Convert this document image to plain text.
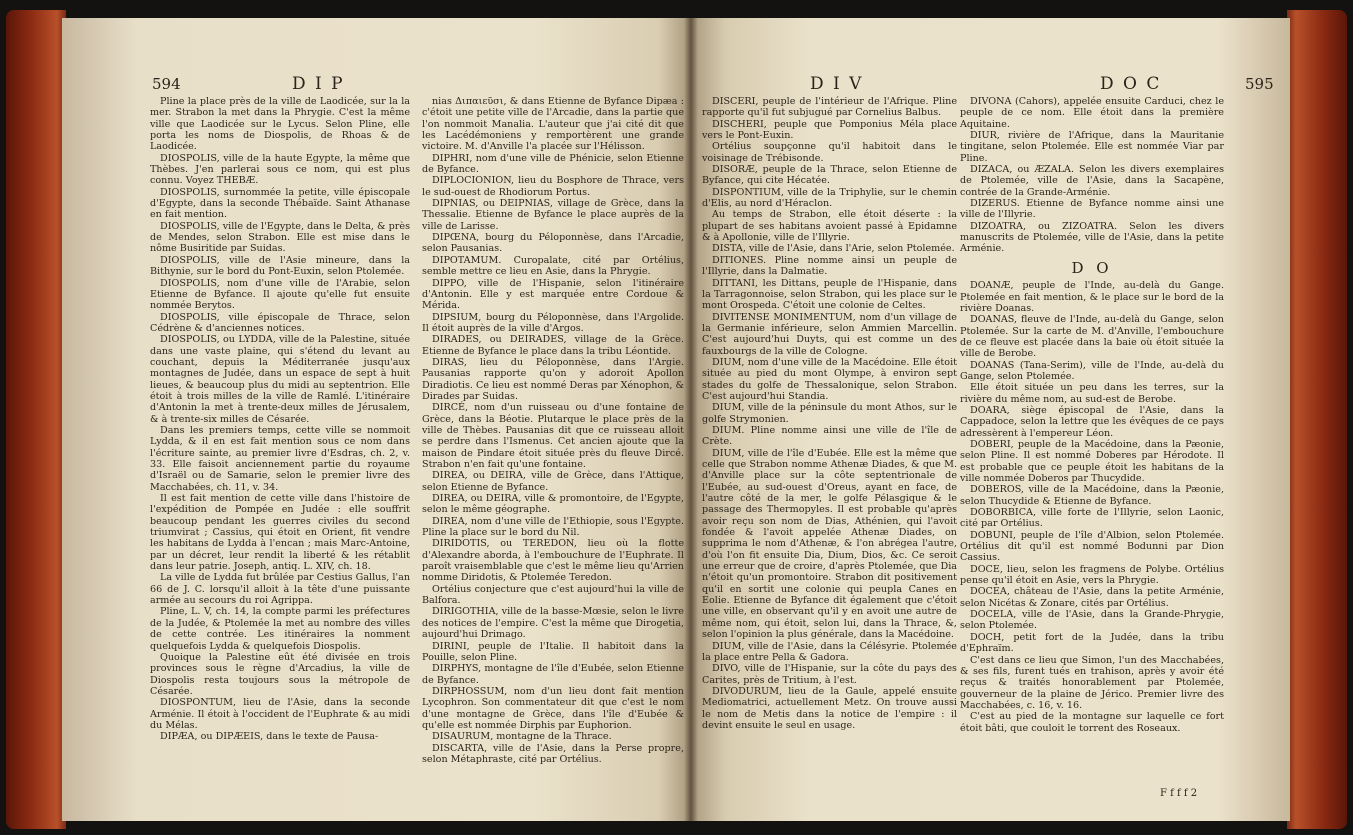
594	D I P

Pline la place près de la ville de Laodicée, sur la la mer. Strabon la met dans la Phrygie. C'est la même ville que Laodicée sur le Lycus. Selon Pline, elle porta les noms de Diospolis, de Rhoas & de Laodicée.

DIOSPOLIS, ville de la haute Egypte, la même que Thèbes. J'en parlerai sous ce nom, qui est plus connu. Voyez THEBÆ.

DIOSPOLIS, surnommée la petite, ville épiscopale d'Egypte, dans la seconde Thébaïde. Saint Athanase en fait mention.

DIOSPOLIS, ville de l'Egypte, dans le Delta, & près de Mendes, selon Strabon. Elle est mise dans le nôme Busiritide par Suidas.

DIOSPOLIS, ville de l'Asie mineure, dans la Bithynie, sur le bord du Pont-Euxin, selon Ptolemée.

DIOSPOLIS, nom d'une ville de l'Arabie, selon Etienne de Byfance. Il ajoute qu'elle fut ensuite nommée Berytos.

DIOSPOLIS, ville épiscopale de Thrace, selon Cédrène & d'anciennes notices.

DIOSPOLIS, ou LYDDA, ville de la Palestine, située dans une vaste plaine, qui s'étend du levant au couchant, depuis la Méditerranée jusqu'aux montagnes de Judée, dans un espace de sept à huit lieues, & beaucoup plus du midi au septentrion. Elle étoit à trois milles de la ville de Ramlé. L'itinéraire d'Antonin la met à trente-deux milles de Jérusalem, & à trente-six milles de Césarée.

Dans les premiers temps, cette ville se nommoit Lydda, & il en est fait mention sous ce nom dans l'écriture sainte, au premier livre d'Esdras, ch. 2, v. 33. Elle faisoit anciennement partie du royaume d'Israël ou de Samarie, selon le premier livre des Macchabées, ch. 11, v. 34.

Il est fait mention de cette ville dans l'histoire de l'expédition de Pompée en Judée : elle souffrit beaucoup pendant les guerres civiles du second triumvirat ; Cassius, qui étoit en Orient, fit vendre les habitans de Lydda à l'encan ; mais Marc-Antoine, par un décret, leur rendit la liberté & les rétablit dans leur patrie. Joseph, antiq. L. XIV, ch. 18.

La ville de Lydda fut brûlée par Cestius Gallus, l'an 66 de J. C. lorsqu'il alloit à la tête d'une puissante armée au secours du roi Agrippa.

Pline, L. V, ch. 14, la compte parmi les préfectures de la Judée, & Ptolemée la met au nombre des villes de cette contrée. Les itinéraires la nomment quelquefois Lydda & quelquefois Diospolis.

Quoique la Palestine eût été divisée en trois provinces sous le règne d'Arcadius, la ville de Diospolis resta toujours sous la métropole de Césarée.

DIOSPONTUM, lieu de l'Asie, dans la seconde Arménie. Il étoit à l'occident de l'Euphrate & au midi du Mélas.

DIPÆA, ou DIPÆEIS, dans le texte de Pausa-

nias Διπαιεῦσι, & dans Etienne de Byfance Dipæa : c'étoit une petite ville de l'Arcadie, dans la partie que l'on nommoit Manalia. L'auteur que j'ai cité dit que les Lacédémoniens y remportèrent une grande victoire. M. d'Anville l'a placée sur l'Hélisson.

DIPHRI, nom d'une ville de Phénicie, selon Etienne de Byfance.

DIPLOCIONION, lieu du Bosphore de Thrace, vers le sud-ouest de Rhodiorum Portus.

DIPNIAS, ou DEIPNIAS, village de Grèce, dans la Thessalie. Etienne de Byfance le place auprès de la ville de Larisse.

DIPŒNA, bourg du Péloponnèse, dans l'Arcadie, selon Pausanias.

DIPOTAMUM. Curopalate, cité par Ortélius, semble mettre ce lieu en Asie, dans la Phrygie.

DIPPO, ville de l'Hispanie, selon l'itinéraire d'Antonin. Elle y est marquée entre Cordoue & Mérida.

DIPSIUM, bourg du Péloponnèse, dans l'Argolide. Il étoit auprès de la ville d'Argos.

DIRADES, ou DEIRADES, village de la Grèce. Etienne de Byfance le place dans la tribu Léontide.

DIRAS, lieu du Péloponnèse, dans l'Argie. Pausanias rapporte qu'on y adoroit Apollon Diradiotis. Ce lieu est nommé Deras par Xénophon, & Dirades par Suidas.

DIRCÉ, nom d'un ruisseau ou d'une fontaine de Grèce, dans la Béotie. Plutarque le place près de la ville de Thèbes. Pausanias dit que ce ruisseau alloit se perdre dans l'Ismenus. Cet ancien ajoute que la maison de Pindare étoit située près du fleuve Dircé. Strabon n'en fait qu'une fontaine.

DIREA, ou DEIRA, ville de Grèce, dans l'Attique, selon Etienne de Byfance.

DIREA, ou DEIRA, ville & promontoire, de l'Egypte, selon le même géographe.

DIREA, nom d'une ville de l'Ethiopie, sous l'Egypte. Pline la place sur le bord du Nil.

DIRIDOTIS, ou TEREDON, lieu où la flotte d'Alexandre aborda, à l'embouchure de l'Euphrate. Il paroît vraisemblable que c'est le même lieu qu'Arrien nomme Diridotis, & Ptolemée Teredon.

Ortélius conjecture que c'est aujourd'hui la ville de Balfora.

DIRIGOTHIA, ville de la basse-Mœsie, selon le livre des notices de l'empire. C'est la même que Dirogetia, aujourd'hui Drimago.

DIRINI, peuple de l'Italie. Il habitoit dans la Pouille, selon Pline.

DIRPHYS, montagne de l'île d'Eubée, selon Etienne de Byfance.

DIRPHOSSUM, nom d'un lieu dont fait mention Lycophron. Son commentateur dit que c'est le nom d'une montagne de Grèce, dans l'île d'Eubée & qu'elle est nommée Dirphis par Euphorion.

DISAURUM, montagne de la Thrace.

DISCARTA, ville de l'Asie, dans la Perse propre, selon Métaphraste, cité par Ortélius.

D I V	D O C	595

DISCERI, peuple de l'intérieur de l'Afrique. Pline rapporte qu'il fut subjugué par Cornelius Balbus.

DISCHERI, peuple que Pomponius Méla place vers le Pont-Euxin.

Ortélius soupçonne qu'il habitoit dans le voisinage de Trébisonde.

DISORÆ, peuple de la Thrace, selon Etienne de Byfance, qui cite Hécatée.

DISPONTIUM, ville de la Triphylie, sur le chemin d'Elis, au nord d'Héraclon.

Au temps de Strabon, elle étoit déserte : la plupart de ses habitans avoient passé à Epidamne & à Apollonie, ville de l'Illyrie.

DISTA, ville de l'Asie, dans l'Arie, selon Ptolemée.

DITIONES. Pline nomme ainsi un peuple de l'Illyrie, dans la Dalmatie.

DITTANI, les Dittans, peuple de l'Hispanie, dans la Tarragonnoise, selon Strabon, qui les place sur le mont Orospeda. C'étoit une colonie de Celtes.

DIVITENSE MONIMENTUM, nom d'un village de la Germanie inférieure, selon Ammien Marcellin. C'est aujourd'hui Duyts, qui est comme un des fauxbourgs de la ville de Cologne.

DIUM, nom d'une ville de la Macédoine. Elle étoit située au pied du mont Olympe, à environ sept stades du golfe de Thessalonique, selon Strabon. C'est aujourd'hui Standia.

DIUM, ville de la péninsule du mont Athos, sur le golfe Strymonien.

DIUM. Pline nomme ainsi une ville de l'île de Crète.

DIUM, ville de l'île d'Eubée. Elle est la même que celle que Strabon nomme Athenæ Diades, & que M. d'Anville place sur la côte septentrionale de l'Eubée, au sud-ouest d'Oreus, ayant en face, de l'autre côté de la mer, le golfe Pélasgique & le passage des Thermopyles. Il est probable qu'après avoir reçu son nom de Dias, Athénien, qui l'avoit fondée & l'avoit appelée Athenæ Diades, on supprima le nom d'Athenæ, & l'on abrégea l'autre, d'où l'on fit ensuite Dia, Dium, Dios, &c. Ce seroit une erreur que de croire, d'après Ptolemée, que Dia n'étoit qu'un promontoire. Strabon dit positivement qu'il en sortit une colonie qui peupla Canes en Eolie. Etienne de Byfance dit également que c'étoit une ville, en observant qu'il y en avoit une autre de même nom, qui étoit, selon lui, dans la Thrace, &, selon l'opinion la plus générale, dans la Macédoine.

DIUM, ville de l'Asie, dans la Célésyrie. Ptolemée la place entre Pella & Gadora.

DIVO, ville de l'Hispanie, sur la côte du pays des Carites, près de Tritium, à l'est.

DIVODURUM, lieu de la Gaule, appelé ensuite Mediomatrici, actuellement Metz. On trouve aussi le nom de Metis dans la notice de l'empire : il devint ensuite le seul en usage.

DIVONA (Cahors), appelée ensuite Carduci, chez le peuple de ce nom. Elle étoit dans la première Aquitaine.

DIUR, rivière de l'Afrique, dans la Mauritanie tingitane, selon Ptolemée. Elle est nommée Viar par Pline.

DIZACA, ou ÆZALA. Selon les divers exemplaires de Ptolemée, ville de l'Asie, dans la Sacapène, contrée de la Grande-Arménie.

DIZERUS. Etienne de Byfance nomme ainsi une ville de l'Illyrie.

DIZOATRA, ou ZIZOATRA. Selon les divers manuscrits de Ptolemée, ville de l'Asie, dans la petite Arménie.

D O

DOANÆ, peuple de l'Inde, au-delà du Gange. Ptolemée en fait mention, & le place sur le bord de la rivière Doanas.

DOANAS, fleuve de l'Inde, au-delà du Gange, selon Ptolemée. Sur la carte de M. d'Anville, l'embouchure de ce fleuve est placée dans la baie où étoit située la ville de Berobe.

DOANAS (Tana-Serim), ville de l'Inde, au-delà du Gange, selon Ptolemée.

Elle étoit située un peu dans les terres, sur la rivière du même nom, au sud-est de Berobe.

DOARA, siège épiscopal de l'Asie, dans la Cappadoce, selon la lettre que les évêques de ce pays adressèrent à l'empereur Léon.

DOBERI, peuple de la Macédoine, dans la Pæonie, selon Pline. Il est nommé Doberes par Hérodote. Il est probable que ce peuple étoit les habitans de la ville nommée Doberos par Thucydide.

DOBEROS, ville de la Macédoine, dans la Pæonie, selon Thucydide & Etienne de Byfance.

DOBORBICA, ville forte de l'Illyrie, selon Laonic, cité par Ortélius.

DOBUNI, peuple de l'île d'Albion, selon Ptolemée. Ortélius dit qu'il est nommé Bodunni par Dion Cassius.

DOCE, lieu, selon les fragmens de Polybe. Ortélius pense qu'il étoit en Asie, vers la Phrygie.

DOCEA, château de l'Asie, dans la petite Arménie, selon Nicétas & Zonare, cités par Ortélius.

DOCELA, ville de l'Asie, dans la Grande-Phrygie, selon Ptolemée.

DOCH, petit fort de la Judée, dans la tribu d'Ephraïm.

C'est dans ce lieu que Simon, l'un des Macchabées, & ses fils, furent tués en trahison, après y avoir été reçus & traités honorablement par Ptolemée, gouverneur de la plaine de Jérico. Premier livre des Macchabées, c. 16, v. 16.

C'est au pied de la montagne sur laquelle ce fort étoit bâti, que couloit le torrent des Roseaux.

F f f f 2
